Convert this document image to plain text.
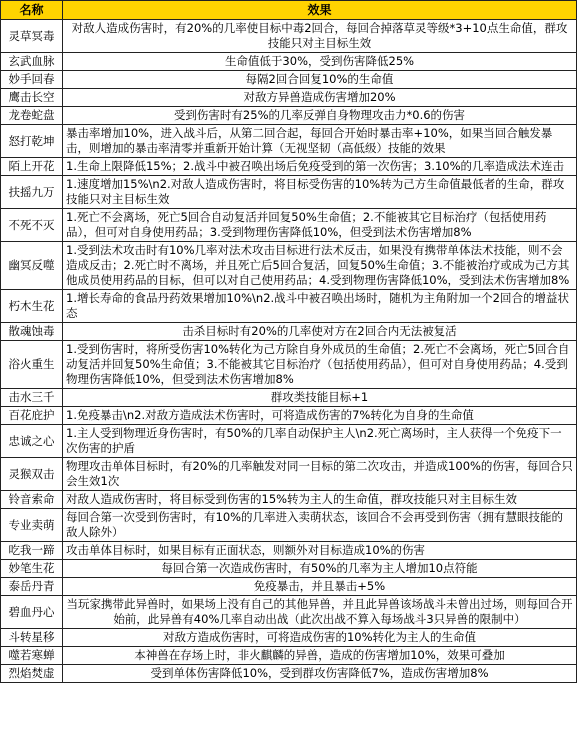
名称	效果
灵草冥毒	对敌人造成伤害时，有20%的几率使目标中毒2回合，每回合掉落草灵等级*3+10点生命值，群攻技能只对主目标生效
玄武血脉	生命值低于30%，受到伤害降低25%
妙手回春	每隔2回合回复10%的生命值
鹰击长空	对敌方异兽造成伤害增加20%
龙卷蛇盘	受到伤害时有25%的几率反弹自身物理攻击力*0.6的伤害
怒打乾坤	暴击率增加10%，进入战斗后，从第二回合起，每回合开始时暴击率+10%，如果当回合触发暴击，则增加的暴击率清零并重新开始计算（无视坚韧（高低级）技能的效果
陌上开花	1.生命上限降低15%；2.战斗中被召唤出场后免疫受到的第一次伤害；3.10%的几率造成法术连击
扶摇九万	1.速度增加15%\n2.对敌人造成伤害时，将目标受伤害的10%转为己方生命值最低者的生命，群攻技能只对主目标生效
不死不灭	1.死亡不会离场，死亡5回合自动复活并回复50%生命值；2.不能被其它目标治疗（包括使用药品），但可对自身使用药品；3.受到物理伤害降低10%，但受到法术伤害增加8%
幽冥反噬	1.受到法术攻击时有10%几率对法术攻击目标进行法术反击，如果没有携带单体法术技能，则不会造成反击；2.死亡时不离场，并且死亡后5回合复活，回复50%生命值；3.不能被治疗或成为己方其他成员使用药品的目标，但可以对自己使用药品；4.受到物理伤害降低10%，受到法术伤害增加8%
朽木生花	1.增长寿命的食品丹药效果增加10%\n2.战斗中被召唤出场时，随机为主角附加一个2回合的增益状态
散魂蚀毒	击杀目标时有20%的几率使对方在2回合内无法被复活
浴火重生	1.受到伤害时，将所受伤害10%转化为己方除自身外成员的生命值；2.死亡不会离场，死亡5回合自动复活并回复50%生命值；3.不能被其它目标治疗（包括使用药品），但可对自身使用药品；4.受到物理伤害降低10%，但受到法术伤害增加8%
击水三千	群攻类技能目标+1
百花庇护	1.免疫暴击\n2.对敌方造成法术伤害时，可将造成伤害的7%转化为自身的生命值
忠诚之心	1.主人受到物理近身伤害时，有50%的几率自动保护主人\n2.死亡离场时，主人获得一个免疫下一次伤害的护盾
灵猴双击	物理攻击单体目标时，有20%的几率触发对同一目标的第二次攻击，并造成100%的伤害，每回合只会生效1次
铃音索命	对敌人造成伤害时，将目标受到伤害的15%转为主人的生命值，群攻技能只对主目标生效
专业卖萌	每回合第一次受到伤害时，有10%的几率进入卖萌状态，该回合不会再受到伤害（拥有慧眼技能的敌人除外）
吃我一蹄	攻击单体目标时，如果目标有正面状态，则额外对目标造成10%的伤害
妙笔生花	每回合第一次造成伤害时，有50%的几率为主人增加10点符能
泰岳丹青	免疫暴击，并且暴击+5%
碧血丹心	当玩家携带此异兽时，如果场上没有自己的其他异兽，并且此异兽该场战斗未曾出过场，则每回合开始前，此异兽有40%几率自动出战（此次出战不算入每场战斗3只异兽的限制中）
斗转星移	对敌方造成伤害时，可将造成伤害的10%转化为主人的生命值
噬若寒蝉	本神兽在存场上时，非火麒麟的异兽，造成的伤害增加10%，效果可叠加
烈焰焚虚	受到单体伤害降低10%，受到群攻伤害降低7%，造成伤害增加8%
